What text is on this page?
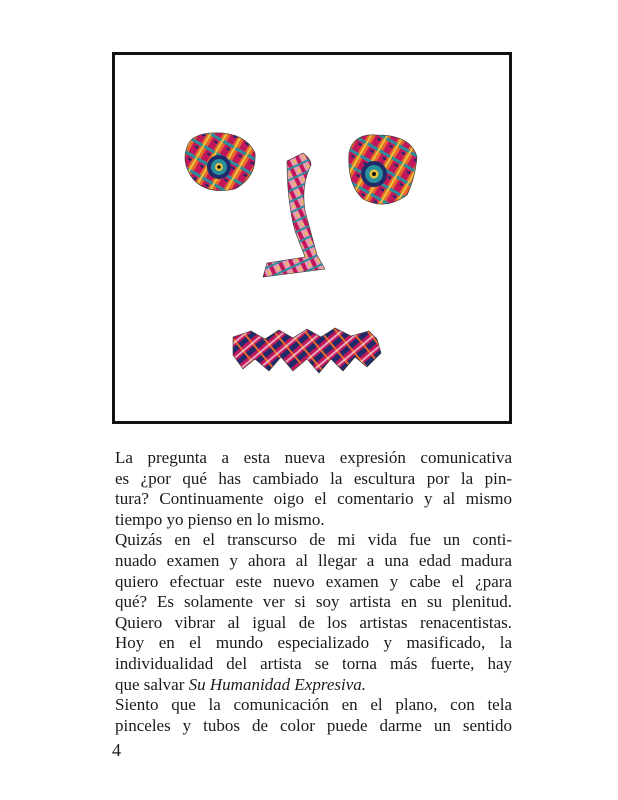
La pregunta a esta nueva expresión comunicativa

es ¿por qué has cambiado la escultura por la pin-

tura? Continuamente oigo el comentario y al mismo

tiempo yo pienso en lo mismo.

Quizás en el transcurso de mi vida fue un conti-

nuado examen y ahora al llegar a una edad madura

quiero efectuar este nuevo examen y cabe el ¿para

qué? Es solamente ver si soy artista en su plenitud.

Quiero vibrar al igual de los artistas renacentistas.

Hoy en el mundo especializado y masificado, la

individualidad del artista se torna más fuerte, hay

que salvar Su Humanidad Expresiva.

Siento que la comunicación en el plano, con tela

pinceles y tubos de color puede darme un sentido

4
